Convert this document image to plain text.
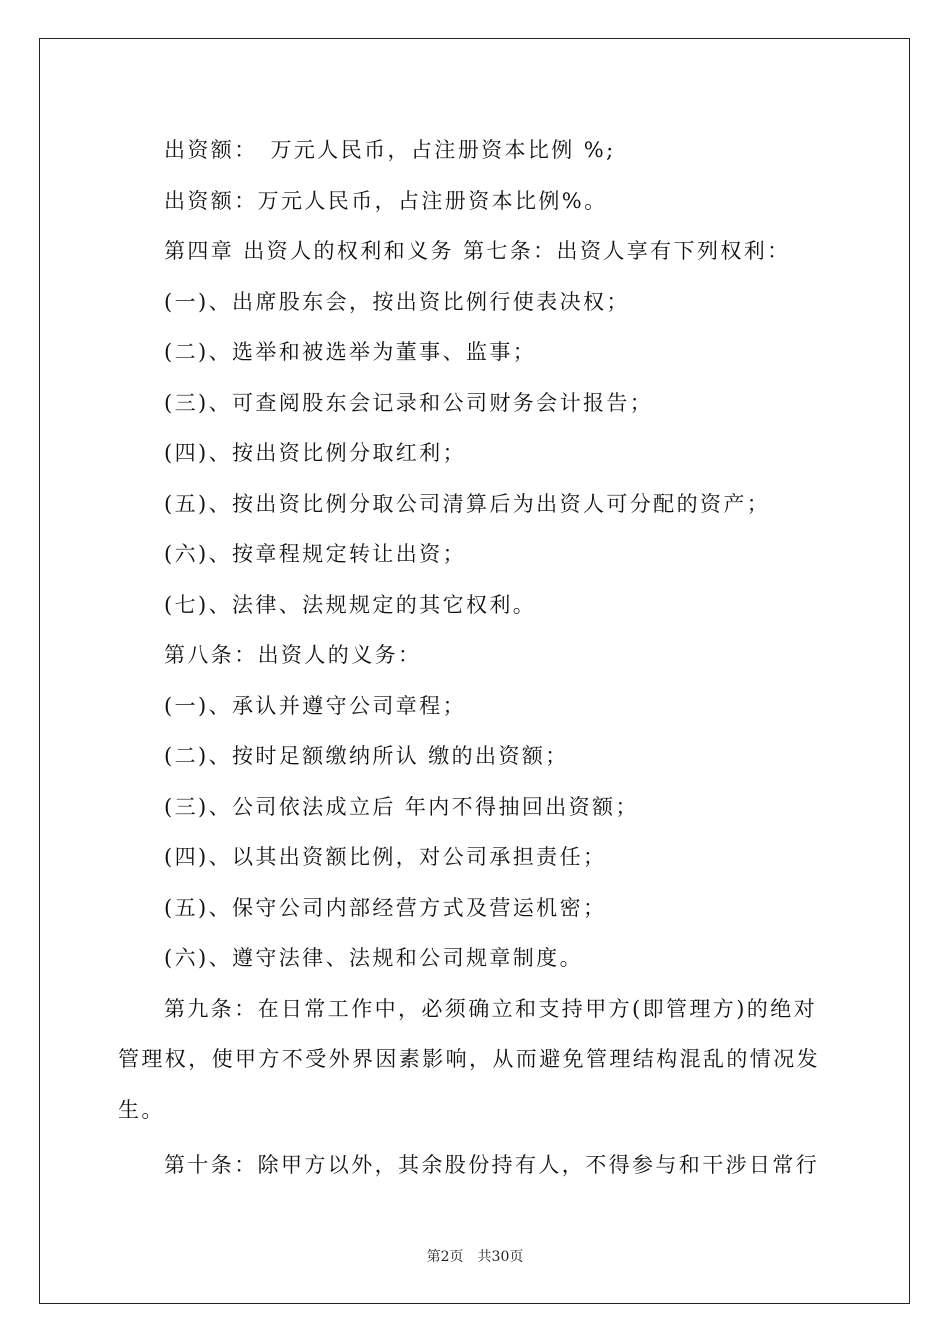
出资额：　万元人民币，占注册资本比例 %;
出资额：万元人民币，占注册资本比例%。
第四章 出资人的权利和义务 第七条：出资人享有下列权利：
(一)、出席股东会，按出资比例行使表决权；
(二)、选举和被选举为董事、监事；
(三)、可查阅股东会记录和公司财务会计报告；
(四)、按出资比例分取红利；
(五)、按出资比例分取公司清算后为出资人可分配的资产；
(六)、按章程规定转让出资；
(七)、法律、法规规定的其它权利。
第八条：出资人的义务：
(一)、承认并遵守公司章程；
(二)、按时足额缴纳所认 缴的出资额；
(三)、公司依法成立后 年内不得抽回出资额；
(四)、以其出资额比例，对公司承担责任；
(五)、保守公司内部经营方式及营运机密；
(六)、遵守法律、法规和公司规章制度。
第九条：在日常工作中，必须确立和支持甲方(即管理方)的绝对
管理权，使甲方不受外界因素影响，从而避免管理结构混乱的情况发
生。
第十条：除甲方以外，其余股份持有人，不得参与和干涉日常行
第2页　共30页
